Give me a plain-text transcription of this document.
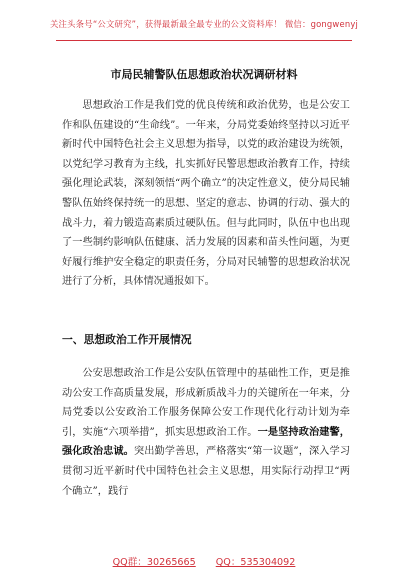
关注头条号“公文研究”，获得最新最全最专业的公文资料库！ 微信：gongwenyj
市局民辅警队伍思想政治状况调研材料

思想政治工作是我们党的优良传统和政治优势，也是公安工作和队伍建设的“生命线”。一年来，分局党委始终坚持以习近平新时代中国特色社会主义思想为指导，以党的政治建设为统领，以党纪学习教育为主线，扎实抓好民警思想政治教育工作，持续强化理论武装，深刻领悟“两个确立”的决定性意义，使分局民辅警队伍始终保持统一的思想、坚定的意志、协调的行动、强大的战斗力，着力锻造高素质过硬队伍。但与此同时，队伍中也出现了一些制约影响队伍健康、活力发展的因素和苗头性问题，为更好履行维护安全稳定的职责任务，分局对民辅警的思想政治状况进行了分析，具体情况通报如下。

一、思想政治工作开展情况

公安思想政治工作是公安队伍管理中的基础性工作，更是推动公安工作高质量发展，形成新质战斗力的关键所在一年来，分局党委以公安政治工作服务保障公安工作现代化行动计划为牵引，实施“六项举措”，抓实思想政治工作。一是坚持政治建警，强化政治忠诚。突出勤学善思，严格落实“第一议题”，深入学习贯彻习近平新时代中国特色社会主义思想，用实际行动捍卫“两个确立”，践行

QQ群：30265665 QQ：535304092
